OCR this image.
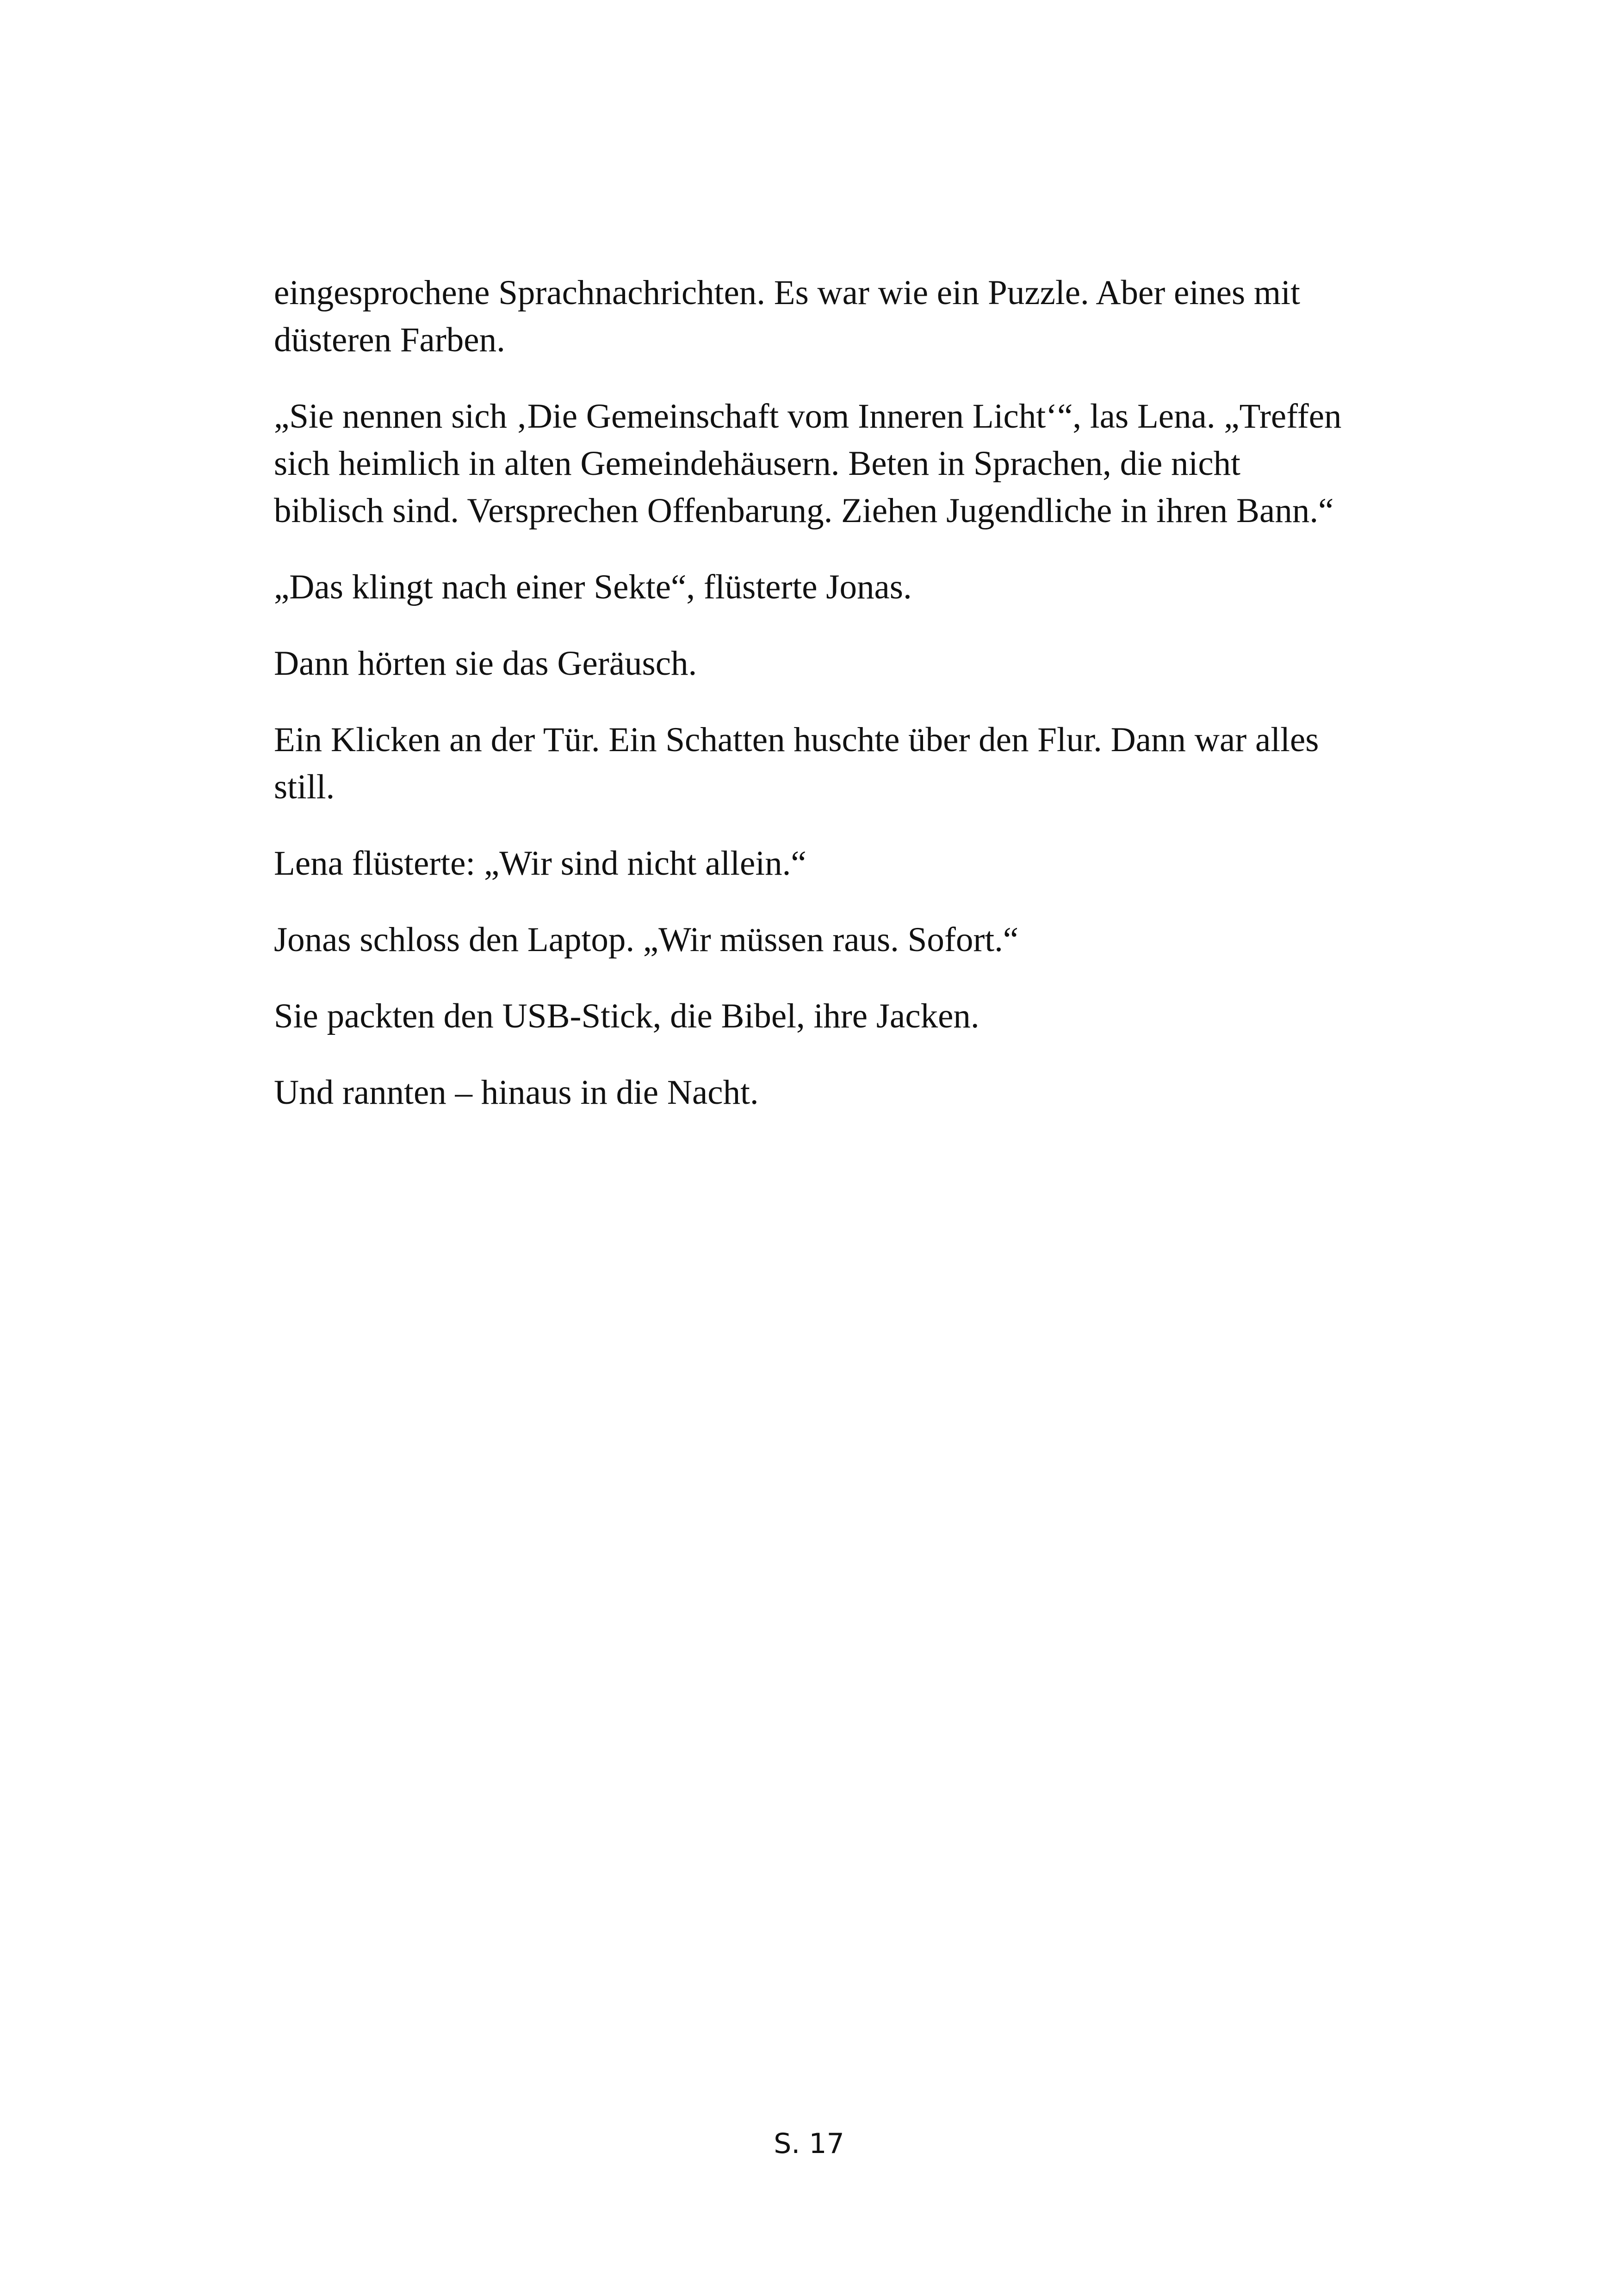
eingesprochene Sprachnachrichten. Es war wie ein Puzzle. Aber eines mit düsteren Farben.

„Sie nennen sich ‚Die Gemeinschaft vom Inneren Licht‘“, las Lena. „Treffen sich heimlich in alten Gemeindehäusern. Beten in Sprachen, die nicht biblisch sind. Versprechen Offenbarung. Ziehen Jugendliche in ihren Bann.“

„Das klingt nach einer Sekte“, flüsterte Jonas.

Dann hörten sie das Geräusch.

Ein Klicken an der Tür. Ein Schatten huschte über den Flur. Dann war alles still.

Lena flüsterte: „Wir sind nicht allein.“

Jonas schloss den Laptop. „Wir müssen raus. Sofort.“

Sie packten den USB-Stick, die Bibel, ihre Jacken.

Und rannten – hinaus in die Nacht.

S. 17
